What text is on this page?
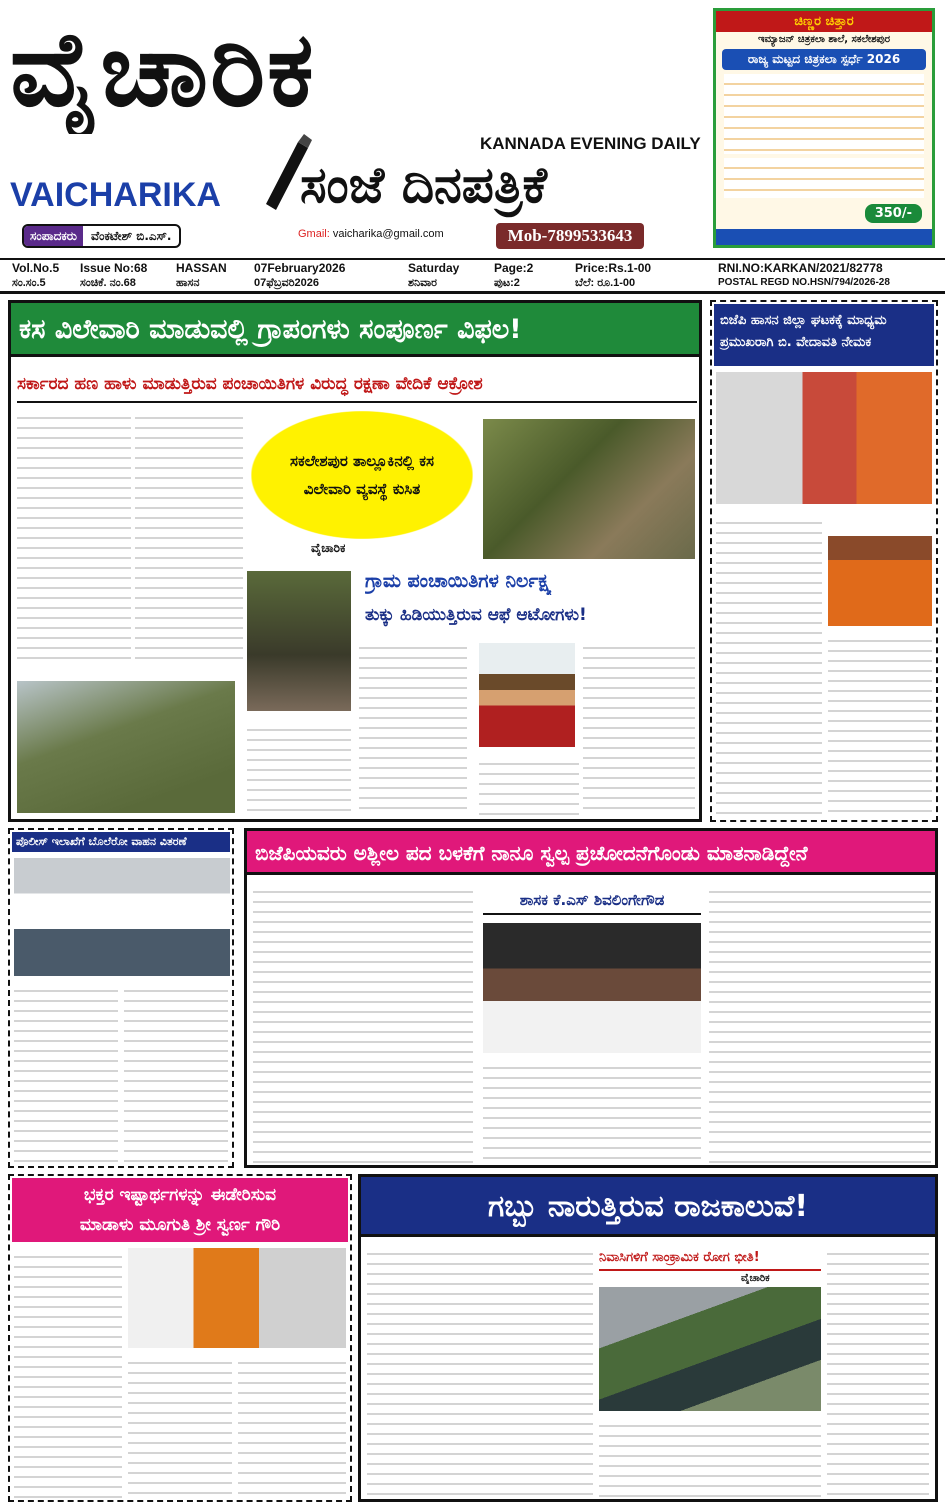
ವೈಚಾರಿಕ
KANNADA EVENING DAILY
ಸಂಜೆ ದಿನಪತ್ರಿಕೆ
VAICHARIKA
ಸಂಪಾದಕರು	ವೆಂಕಟೇಶ್ ಬಿ.ಎಸ್.	Gmail: vaicharika@gmail.com	Mob-7899533643
ಚಿಣ್ಣರ ಚಿತ್ತಾರ
ಇಮ್ಯಾಜನ್ ಚಿತ್ರಕಲಾ ಶಾಲೆ, ಸಕಲೇಶಪುರ
ರಾಜ್ಯ ಮಟ್ಟದ ಚಿತ್ರಕಲಾ ಸ್ಪರ್ಧೆ 2026
350/-

Vol.No.5 Issue No:68 HASSAN 07February2026	Saturday	Page:2	Price:Rs.1-00	RNI.NO:KARKAN/2021/82778
ಸಂ.ಸಂ.5	ಸಂಚಿಕೆ. ನಂ.68	ಹಾಸನ	07ಫೆಬ್ರವರಿ2026	ಶನಿವಾರ	ಪುಟ:2	ಬೆಲೆ: ರೂ.1-00	POSTAL REGD NO.HSN/794/2026-28
ಕಸ ವಿಲೇವಾರಿ ಮಾಡುವಲ್ಲಿ ಗ್ರಾಪಂಗಳು ಸಂಪೂರ್ಣ ವಿಫಲ!
ಸರ್ಕಾರದ ಹಣ ಹಾಳು ಮಾಡುತ್ತಿರುವ ಪಂಚಾಯಿತಿಗಳ ವಿರುದ್ಧ ರಕ್ಷಣಾ ವೇದಿಕೆ ಆಕ್ರೋಶ
ಸಕಲೇಶಪುರ ತಾಲ್ಲೂಕಿನಲ್ಲಿ ಕಸ ವಿಲೇವಾರಿ ವ್ಯವಸ್ಥೆ ಕುಸಿತ
ವೈಚಾರಿಕ
ಗ್ರಾಮ ಪಂಚಾಯಿತಿಗಳ ನಿರ್ಲಕ್ಷ್ಯ
ತುಕ್ಕು ಹಿಡಿಯುತ್ತಿರುವ ಆಫೆ ಆಟೋಗಳು!
ಬಿಜೆಪಿ ಹಾಸನ ಜಿಲ್ಲಾ ಘಟಕಕ್ಕೆ ಮಾಧ್ಯಮ ಪ್ರಮುಖರಾಗಿ ಬಿ. ವೇದಾವತಿ ನೇಮಕ
ಪೊಲೀಸ್ ಇಲಾಖೆಗೆ ಬೊಲೆರೋ ವಾಹನ ವಿತರಣೆ	ಬಿಜೆಪಿಯವರು ಅಶ್ಲೀಲ ಪದ ಬಳಕೆಗೆ ನಾನೂ ಸ್ವಲ್ಪ ಪ್ರಚೋದನೆಗೊಂಡು ಮಾತನಾಡಿದ್ದೇನೆ
ಶಾಸಕ ಕೆ.ಎಸ್ ಶಿವಲಿಂಗೇಗೌಡ
ಭಕ್ತರ ಇಷ್ಟಾರ್ಥಗಳನ್ನು ಈಡೇರಿಸುವ
ಮಾಡಾಳು ಮೂಗುತಿ ಶ್ರೀ ಸ್ವರ್ಣ ಗೌರಿ
ಗಬ್ಬು ನಾರುತ್ತಿರುವ ರಾಜಕಾಲುವೆ!
ನಿವಾಸಿಗಳಿಗೆ ಸಾಂಕ್ರಾಮಿಕ ರೋಗ ಭೀತಿ!
ವೈಚಾರಿಕ
